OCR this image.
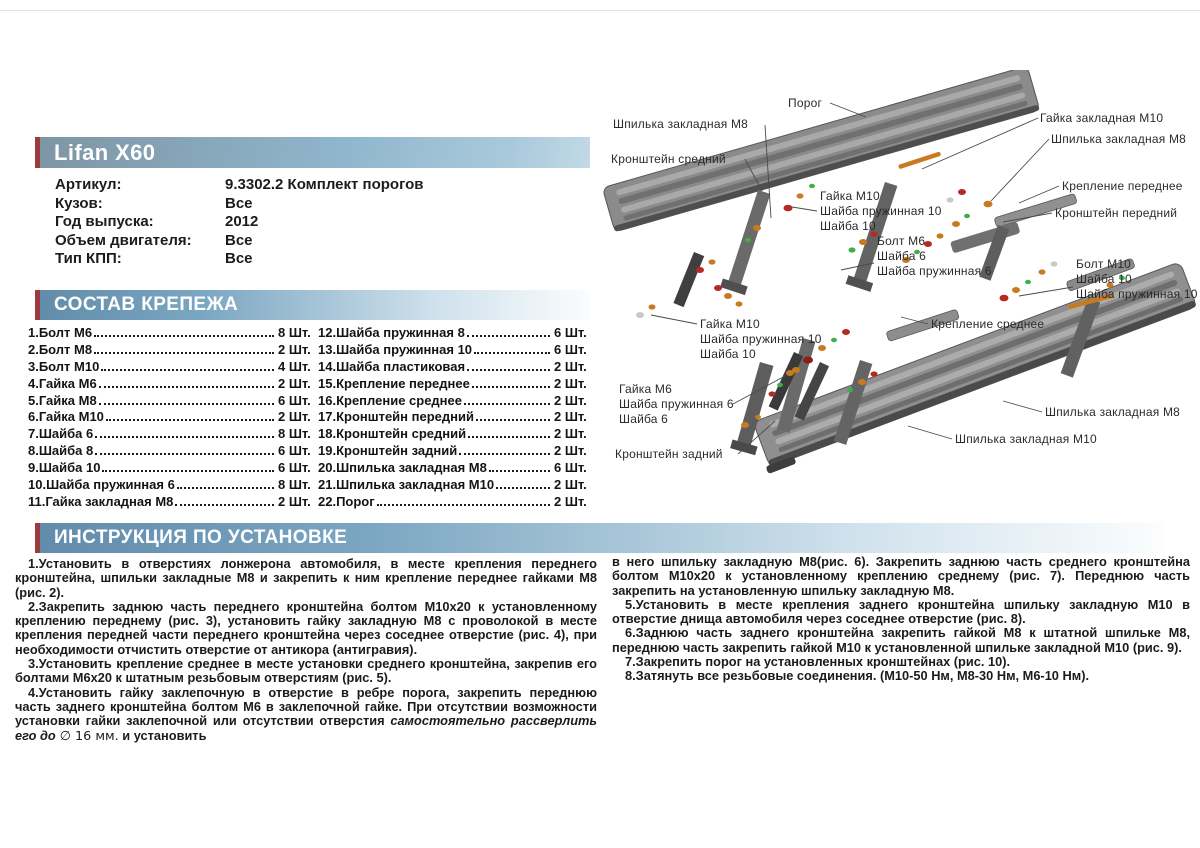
Lifan X60
Артикул:	9.3302.2 Комплект порогов
Кузов:	Все
Год выпуска:	2012
Объем двигателя:	Все
Тип КПП:	Все
СОСТАВ КРЕПЕЖА
1.Болт М6	8 Шт.
2.Болт М8	2 Шт.
3.Болт М10	4 Шт.
4.Гайка М6	2 Шт.
5.Гайка М8	6 Шт.
6.Гайка М10	2 Шт.
7.Шайба 6	8 Шт.
8.Шайба 8	6 Шт.
9.Шайба 10	6 Шт.
10.Шайба пружинная 6	8 Шт.
11.Гайка закладная М8	2 Шт.
12.Шайба пружинная 8	6 Шт.
13.Шайба пружинная 10	6 Шт.
14.Шайба пластиковая	2 Шт.
15.Крепление переднее	2 Шт.
16.Крепление среднее	2 Шт.
17.Кронштейн передний	2 Шт.
18.Кронштейн средний	2 Шт.
19.Кронштейн задний	2 Шт.
20.Шпилька закладная М8	6 Шт.
21.Шпилька закладная М10	2 Шт.
22.Порог	2 Шт.
ИНСТРУКЦИЯ ПО УСТАНОВКЕ

1.Установить в отверстиях лонжерона автомобиля, в месте крепления переднего кронштейна, шпильки закладные М8 и закрепить к ним крепление переднее гайками М8 (рис. 2).

2.Закрепить заднюю часть переднего кронштейна болтом М10х20 к установленному креплению переднему (рис. 3), установить гайку закладную М8 с проволокой в месте крепления передней части переднего кронштейна через соседнее отверстие (рис. 4), при необходимости отчистить отверстие от антикора (антигравия).

3.Установить крепление среднее в месте установки среднего кронштейна, закрепив его болтами М6х20 к штатным резьбовым отверстиям (рис. 5).

4.Установить гайку заклепочную в отверстие в ребре порога, закрепить переднюю часть заднего кронштейна болтом М6 в заклепочной гайке. При отсутствии возможности установки гайки заклепочной или отсутствии отверстия самостоятельно рассверлить его до ∅ 16 мм. и установить

в него шпильку закладную М8(рис. 6). Закрепить заднюю часть среднего кронштейна болтом М10х20 к установленному креплению среднему (рис. 7). Переднюю часть закрепить на установленную шпильку закладную М8.

5.Установить в месте крепления заднего кронштейна шпильку закладную М10 в отверстие днища автомобиля через соседнее отверстие (рис. 8).

6.Заднюю часть заднего кронштейна закрепить гайкой М8 к штатной шпильке М8, переднюю часть закрепить гайкой М10 к установленной шпильке закладной М10 (рис. 9).

7.Закрепить порог на установленных кронштейнах (рис. 10).

8.Затянуть все резьбовые соединения. (М10-50 Нм, М8-30 Нм, М6-10 Нм).

Порог
Шпилька закладная М8	Гайка закладная М10
Шпилька закладная М8
Кронштейн средний
Крепление переднее
Кронштейн передний
Гайка М10
Шайба пружинная 10
Шайба 10
Болт М6
Шайба 6
Шайба пружинная 6	Болт М10
Шайба 10
Шайба пружинная 10
Гайка М10
Шайба пружинная 10
Шайба 10
Крепление среднее
Гайка М6
Шайба пружинная 6
Шайба 6	Шпилька закладная М8
Шпилька закладная М10
Кронштейн задний
